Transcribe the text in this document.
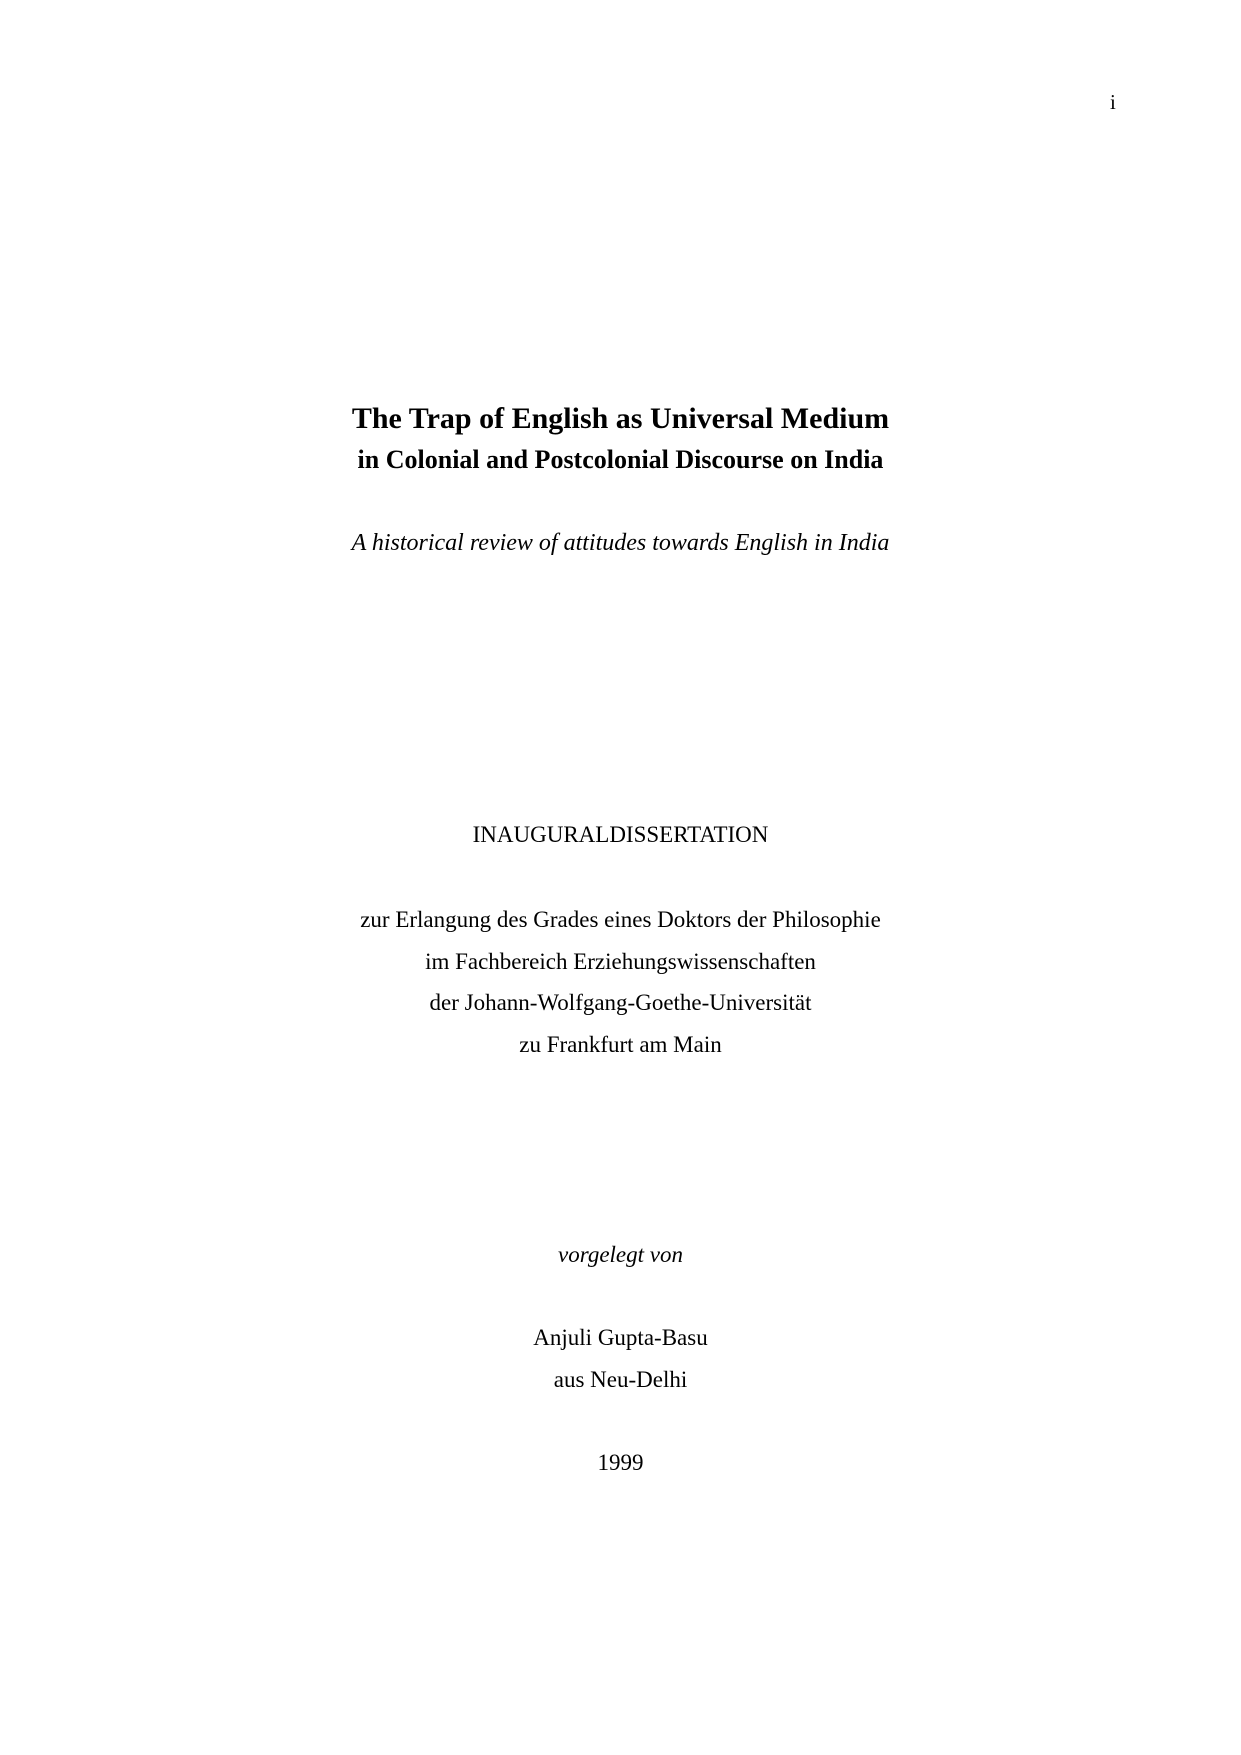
i
The Trap of English as Universal Medium
in Colonial and Postcolonial Discourse on India
A historical review of attitudes towards English in India
INAUGURALDISSERTATION
zur Erlangung des Grades eines Doktors der Philosophie
im Fachbereich Erziehungswissenschaften
der Johann-Wolfgang-Goethe-Universität
zu Frankfurt am Main
vorgelegt von
Anjuli Gupta-Basu
aus Neu-Delhi
1999
